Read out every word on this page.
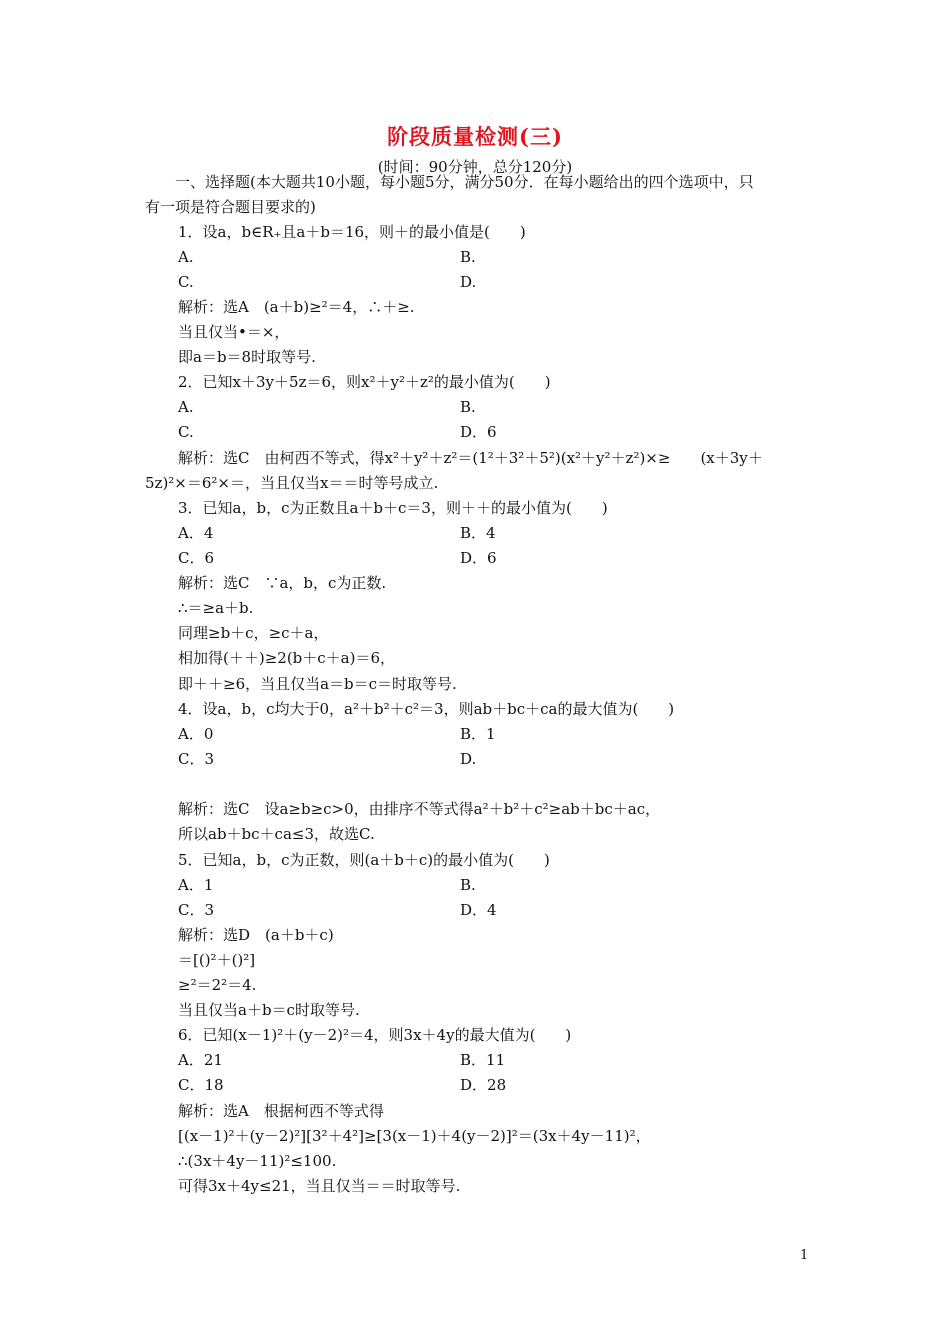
阶段质量检测(三)
(时间：90分钟，总分120分)
　一、选择题(本大题共10小题，每小题5分，满分50分．在每小题给出的四个选项中，只
有一项是符合题目要求的)
1．设a，b∈R₊且a＋b＝16，则＋的最小值是(　　)
A.	B.
C.	D.
解析：选A　(a＋b)≥²＝4，∴＋≥.
当且仅当•＝×，
即a＝b＝8时取等号.
2．已知x＋3y＋5z＝6，则x²＋y²＋z²的最小值为(　　)
A.	B.
C.	D．6
解析：选C　由柯西不等式，得x²＋y²＋z²＝(1²＋3²＋5²)(x²＋y²＋z²)×≥　　(x＋3y＋
5z)²×＝6²×＝，当且仅当x＝＝时等号成立.
3．已知a，b，c为正数且a＋b＋c＝3，则＋＋的最小值为(　　)
A．4	B．4
C．6	D．6
解析：选C　∵a，b，c为正数.
∴＝≥a＋b.
同理≥b＋c，≥c＋a，
相加得(＋＋)≥2(b＋c＋a)＝6，
即＋＋≥6，当且仅当a＝b＝c＝时取等号.
4．设a，b，c均大于0，a²＋b²＋c²＝3，则ab＋bc＋ca的最大值为(　　)
A．0	B．1
C．3	D.
解析：选C　设a≥b≥c>0，由排序不等式得a²＋b²＋c²≥ab＋bc＋ac，
所以ab＋bc＋ca≤3，故选C.
5．已知a，b，c为正数，则(a＋b＋c)的最小值为(　　)
A．1	B.
C．3	D．4
解析：选D　(a＋b＋c)
＝[()²＋()²]
≥²＝2²＝4.
当且仅当a＋b＝c时取等号.
6．已知(x－1)²＋(y－2)²＝4，则3x＋4y的最大值为(　　)
A．21	B．11
C．18	D．28
解析：选A　根据柯西不等式得
[(x－1)²＋(y－2)²][3²＋4²]≥[3(x－1)＋4(y－2)]²＝(3x＋4y－11)²，
∴(3x＋4y－11)²≤100.
可得3x＋4y≤21，当且仅当＝＝时取等号.
1
